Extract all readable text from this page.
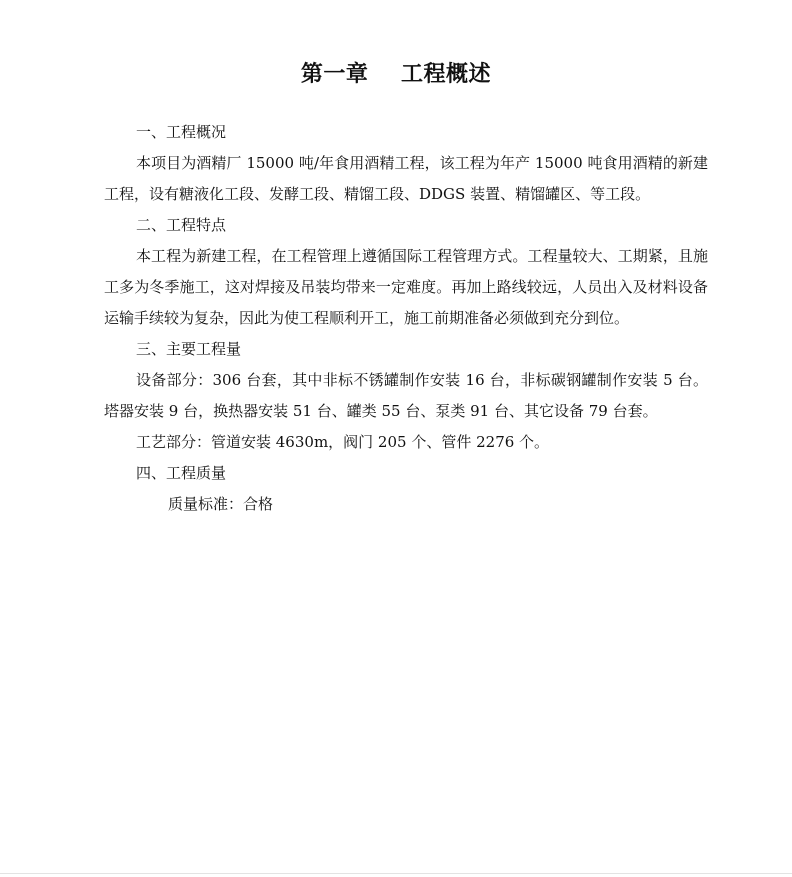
第一章    工程概述

一、工程概况

本项目为酒精厂 15000 吨/年食用酒精工程，该工程为年产 15000 吨食用酒精的新建工程，设有糖液化工段、发酵工段、精馏工段、DDGS 装置、精馏罐区、等工段。

二、工程特点

本工程为新建工程，在工程管理上遵循国际工程管理方式。工程量较大、工期紧，且施工多为冬季施工，这对焊接及吊装均带来一定难度。再加上路线较远，人员出入及材料设备运输手续较为复杂，因此为使工程顺利开工，施工前期准备必须做到充分到位。

三、主要工程量

设备部分：306 台套，其中非标不锈罐制作安装 16 台，非标碳钢罐制作安装 5 台。塔器安装 9 台，换热器安装 51 台、罐类 55 台、泵类 91 台、其它设备 79 台套。

工艺部分：管道安装 4630m，阀门 205 个、管件 2276 个。

四、工程质量

质量标准：合格
